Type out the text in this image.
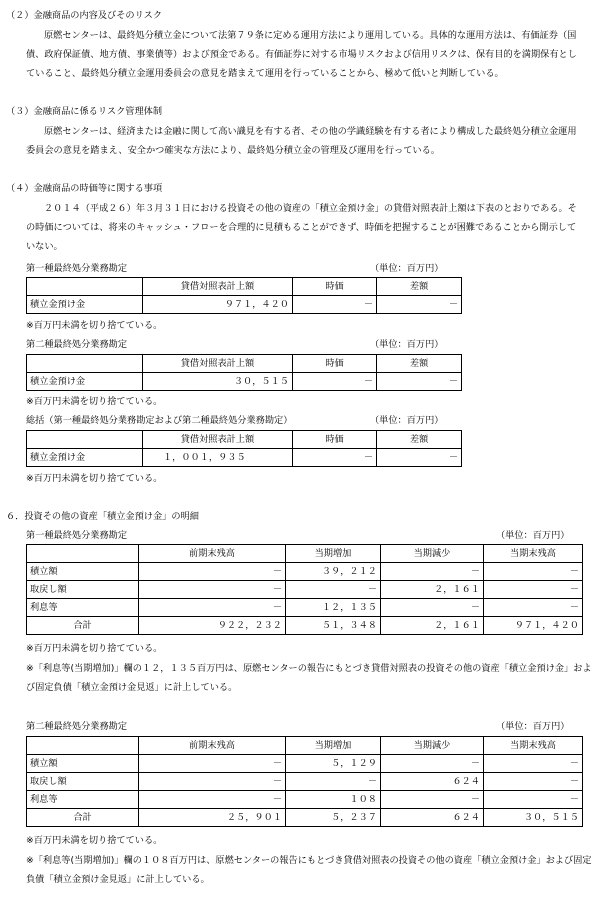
（２）金融商品の内容及びそのリスク
原燃センターは、最終処分積立金について法第７９条に定める運用方法により運用している。具体的な運用方法は、有価証券（国債、政府保証債、地方債、事業債等）および預金である。有価証券に対する市場リスクおよび信用リスクは、保有目的を満期保有としていること、最終処分積立金運用委員会の意見を踏まえて運用を行っていることから、極めて低いと判断している。
（３）金融商品に係るリスク管理体制
原燃センターは、経済または金融に関して高い識見を有する者、その他の学識経験を有する者により構成した最終処分積立金運用委員会の意見を踏まえ、安全かつ確実な方法により、最終処分積立金の管理及び運用を行っている。
（４）金融商品の時価等に関する事項
２０１４（平成２６）年３月３１日における投資その他の資産の「積立金預け金」の貸借対照表計上額は下表のとおりである。その時価については、将来のキャッシュ・フローを合理的に見積もることができず、時価を把握することが困難であることから開示していない。
第一種最終処分業務勘定	（単位：百万円）
	貸借対照表計上額	時価	差額
積立金預け金	９７１，４２０	－	－
※百万円未満を切り捨てている。
第二種最終処分業務勘定	（単位：百万円）
	貸借対照表計上額	時価	差額
積立金預け金	３０，５１５	－	－
※百万円未満を切り捨てている。
総括（第一種最終処分業務勘定および第二種最終処分業務勘定）	（単位：百万円）
	貸借対照表計上額	時価	差額
積立金預け金	１，００１，９３５	－	－
※百万円未満を切り捨てている。
６．投資その他の資産「積立金預け金」の明細
第一種最終処分業務勘定	（単位：百万円）
	前期末残高	当期増加	当期減少	当期末残高
積立額	－	３９，２１２	－	－
取戻し額	－	－	２，１６１	－
利息等	－	１２，１３５	－	－
合計	９２２，２３２	５１，３４８	２，１６１	９７１，４２０
※百万円未満を切り捨てている。
※「利息等(当期増加)」欄の１２，１３５百万円は、原燃センターの報告にもとづき貸借対照表の投資その他の資産「積立金預け金」および固定負債「積立金預け金見返」に計上している。
第二種最終処分業務勘定	（単位：百万円）
	前期末残高	当期増加	当期減少	当期末残高
積立額	－	５，１２９	－	－
取戻し額	－	－	６２４	－
利息等	－	１０８	－	－
合計	２５，９０１	５，２３７	６２４	３０，５１５
※百万円未満を切り捨てている。
※「利息等(当期増加)」欄の１０８百万円は、原燃センターの報告にもとづき貸借対照表の投資その他の資産「積立金預け金」および固定負債「積立金預け金見返」に計上している。
